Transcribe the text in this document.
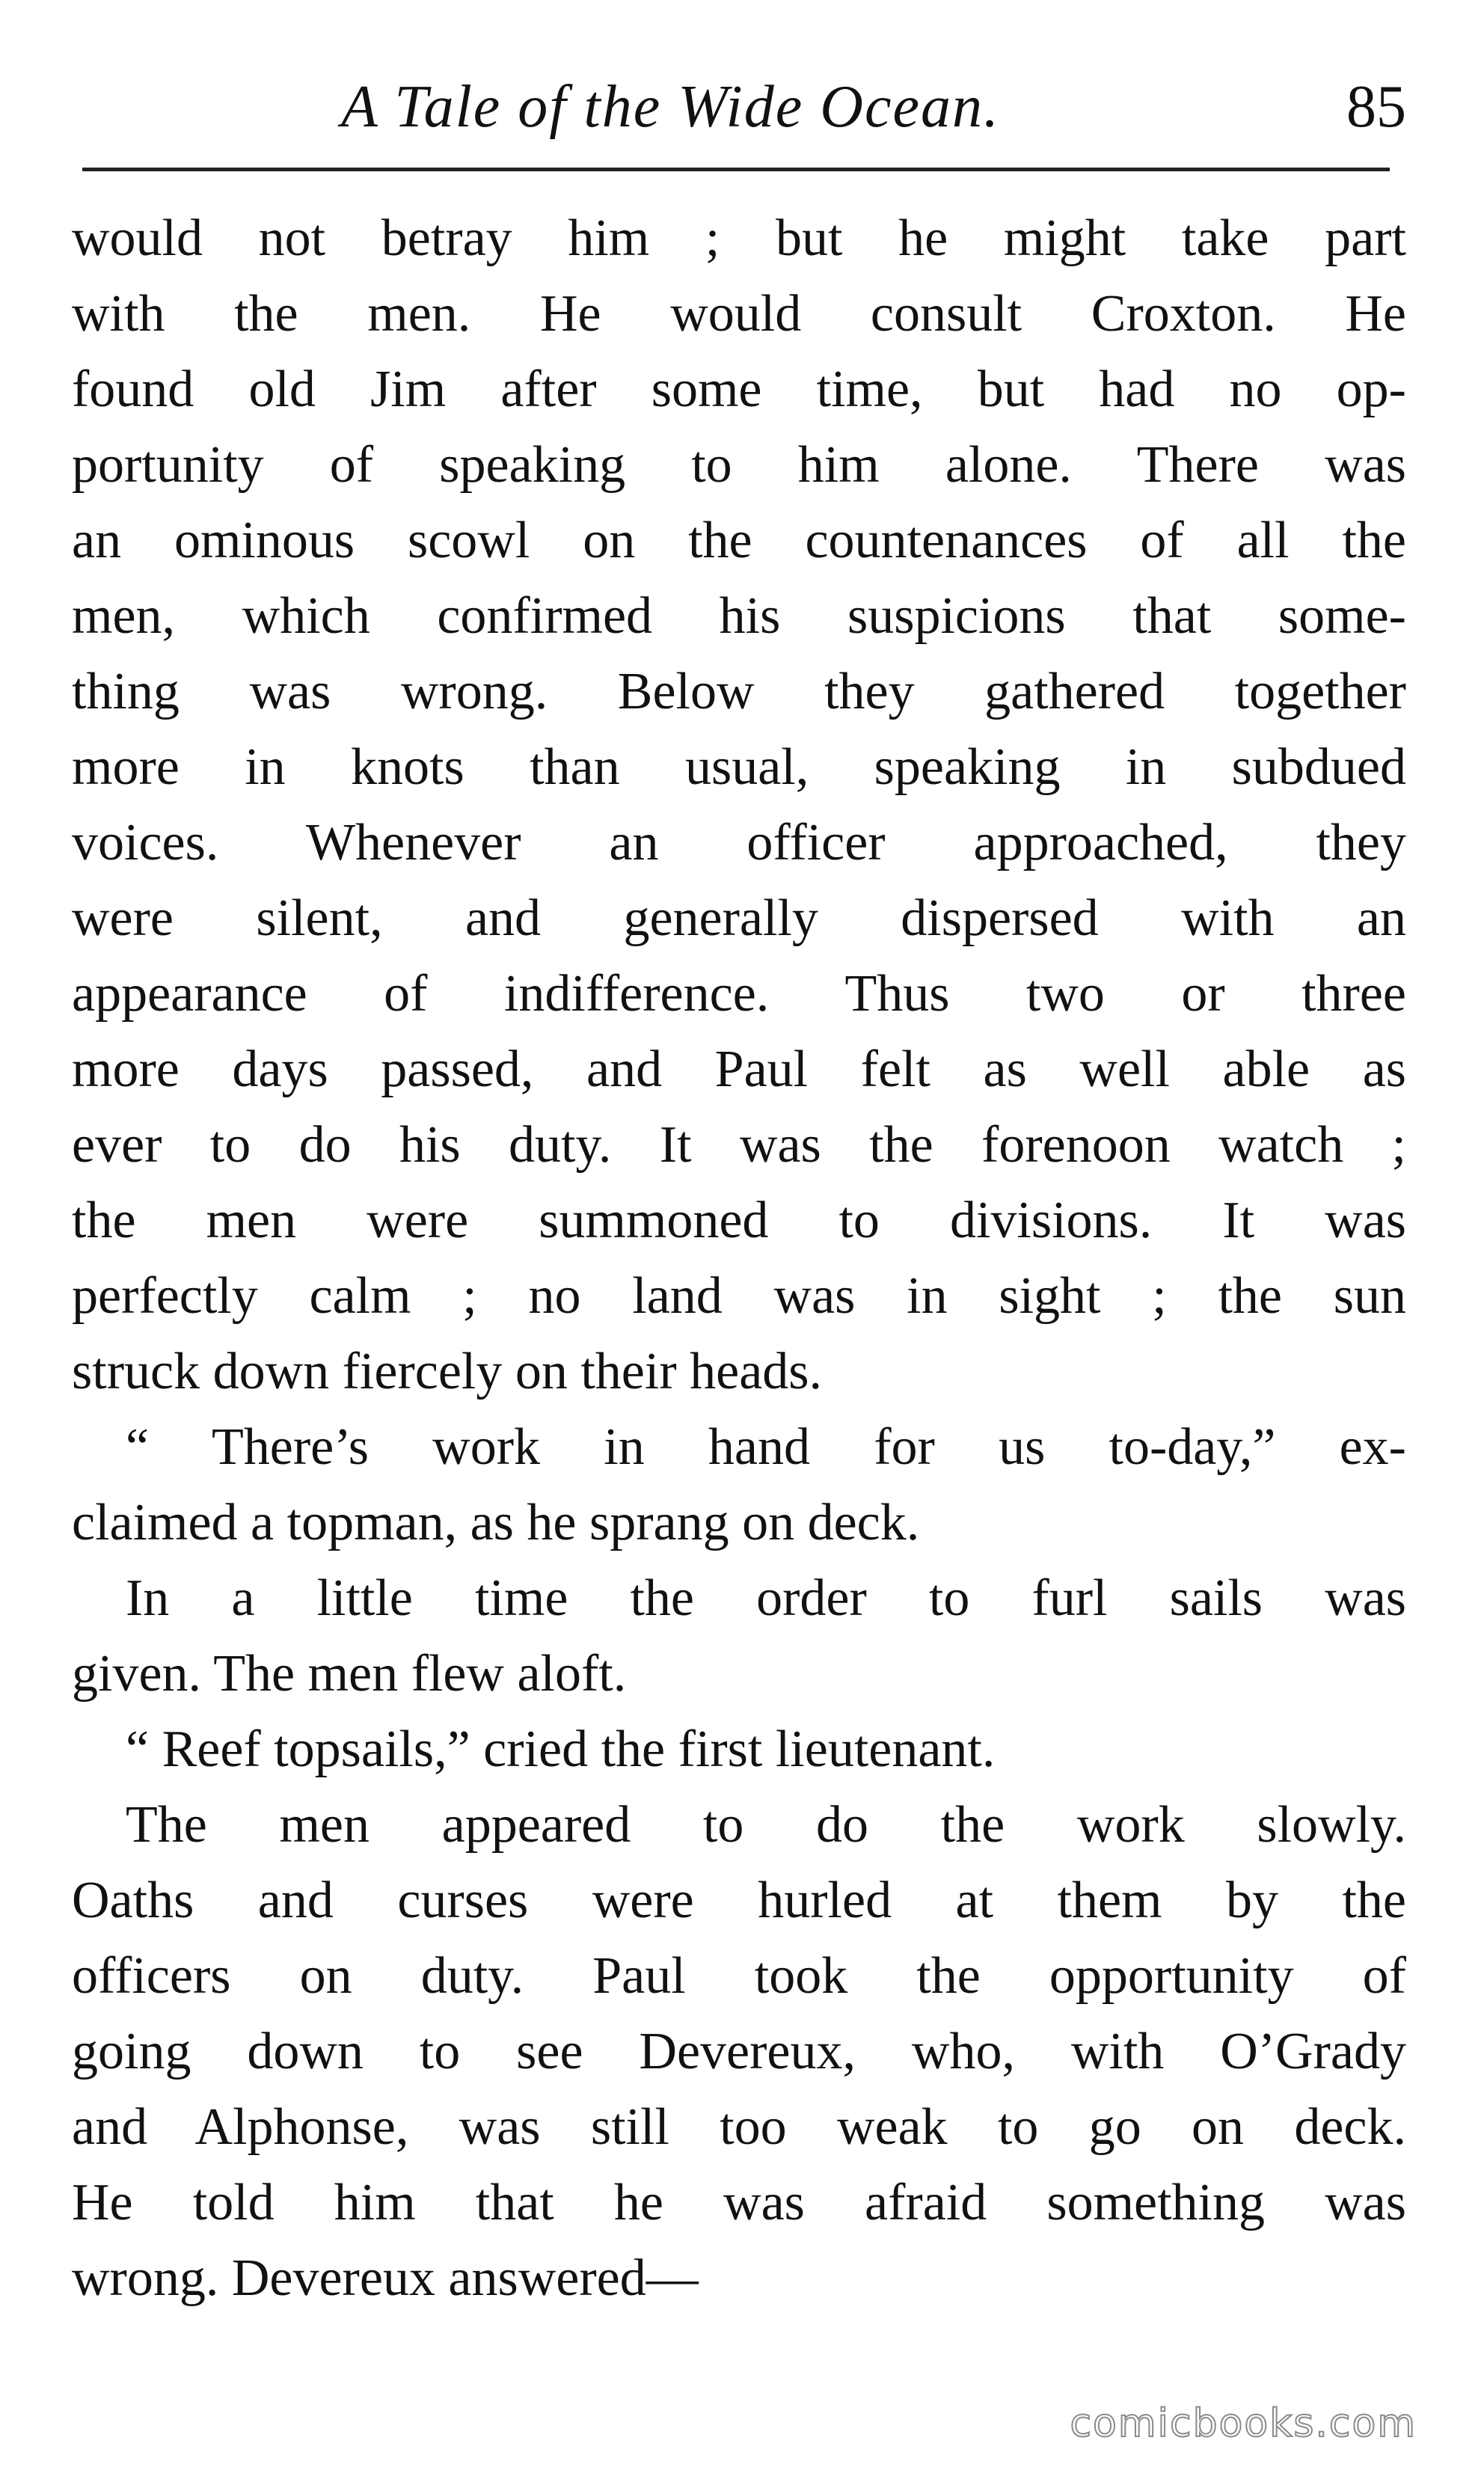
A Tale of the Wide Ocean.	85
would not betray him ; but he might take part
with the men. He would consult Croxton. He
found old Jim after some time, but had no op-
portunity of speaking to him alone. There was
an ominous scowl on the countenances of all the
men, which confirmed his suspicions that some-
thing was wrong. Below they gathered together
more in knots than usual, speaking in subdued
voices. Whenever an officer approached, they
were silent, and generally dispersed with an
appearance of indifference. Thus two or three
more days passed, and Paul felt as well able as
ever to do his duty. It was the forenoon watch ;
the men were summoned to divisions. It was
perfectly calm ; no land was in sight ; the sun
struck down fiercely on their heads.
“ There’s work in hand for us to-day,” ex-
claimed a topman, as he sprang on deck.
In a little time the order to furl sails was
given. The men flew aloft.
“ Reef topsails,” cried the first lieutenant.
The men appeared to do the work slowly.
Oaths and curses were hurled at them by the
officers on duty. Paul took the opportunity of
going down to see Devereux, who, with O’Grady
and Alphonse, was still too weak to go on deck.
He told him that he was afraid something was
wrong. Devereux answered—
comicbooks.com
